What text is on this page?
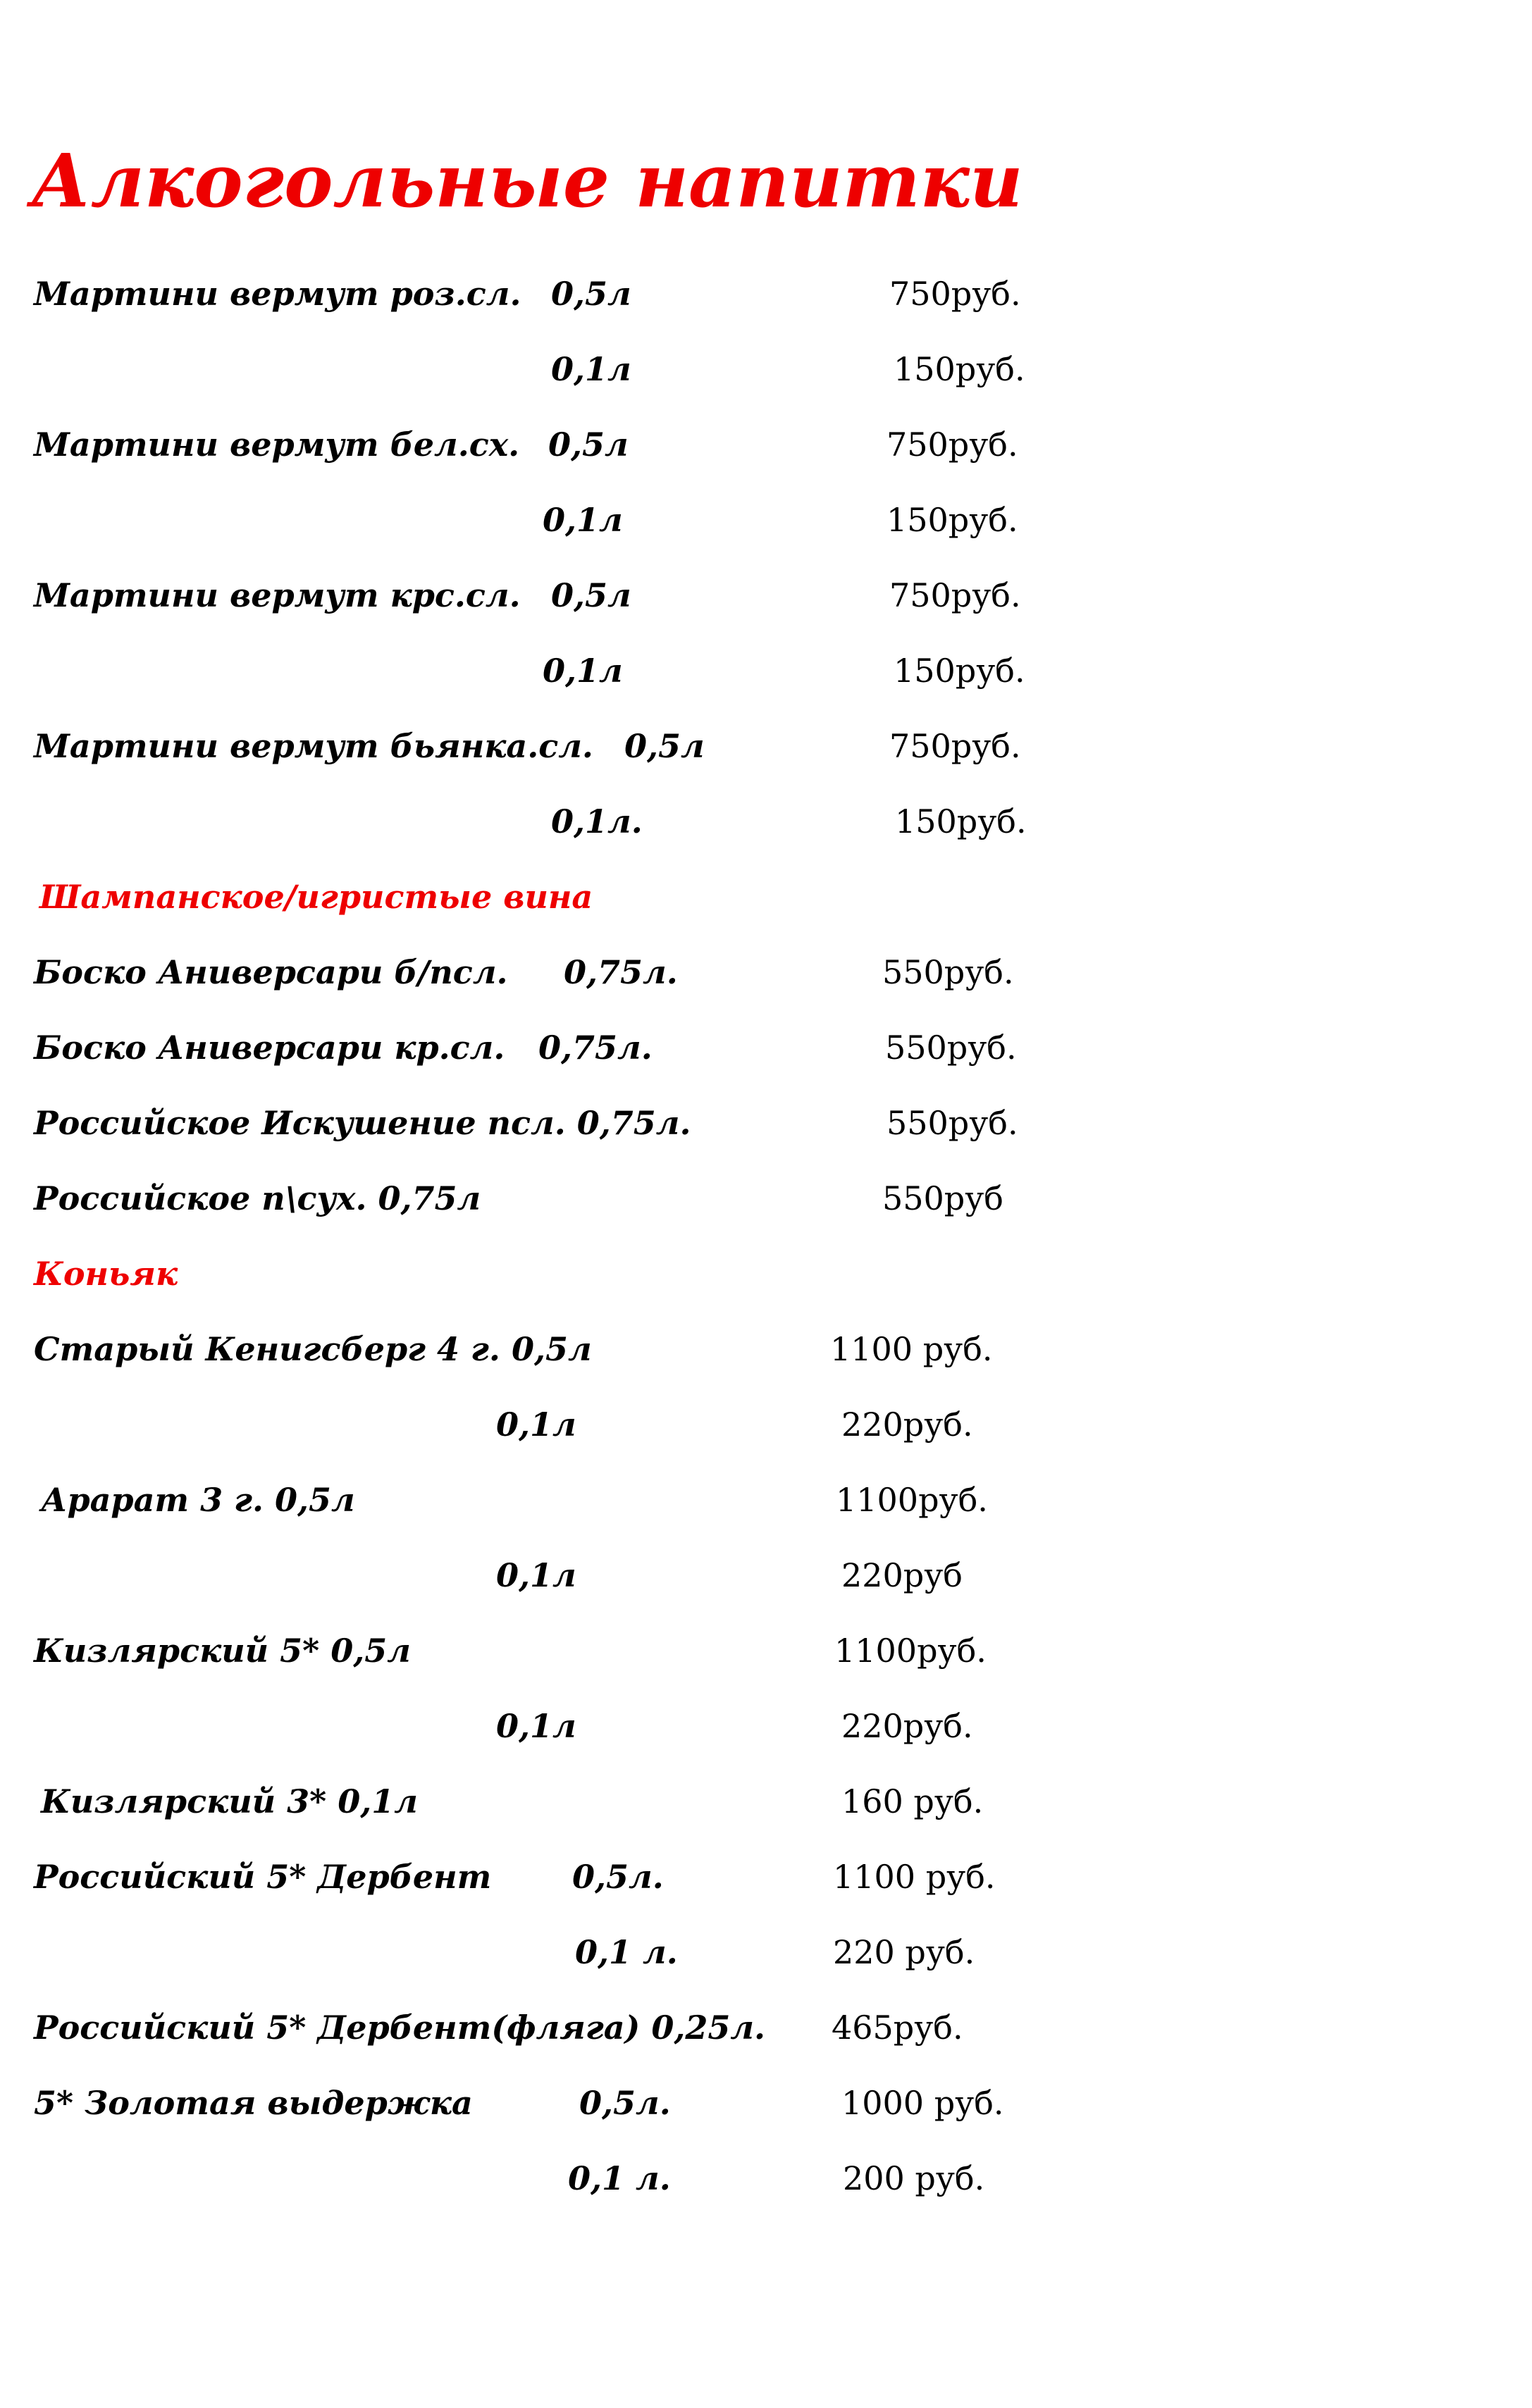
Алкогольные напитки
Мартини вермут роз.сл. 0,5л	750руб.
0,1л	150руб.
Мартини вермут бел.сх. 0,5л	750руб.
0,1л	150руб.
Мартини вермут крс.сл. 0,5л	750руб.
0,1л	150руб.
Мартини вермут бьянка.сл. 0,5л	750руб.
0,1л.	150руб.
Шампанское/игристые вина
Боско Аниверсари б/псл. 0,75л.	550руб.
Боско Аниверсари кр.сл. 0,75л.	550руб.
Российское Искушение псл. 0,75л.	550руб.
Российское п\сух. 0,75л	550руб
Коньяк
Старый Кенигсберг 4 г. 0,5л	1100 руб.
0,1л	220руб.
Арарат 3 г. 0,5л	1100руб.
0,1л	220руб
Кизлярский 5* 0,5л	1100руб.
0,1л	220руб.
Кизлярский 3* 0,1л	160 руб.
Российский 5* Дербент 0,5л.	1100 руб.
0,1 л.	220 руб.
Российский 5* Дербент(фляга) 0,25л. 465руб.
5* Золотая выдержка	0,5л.	1000 руб.
0,1 л.	200 руб.
